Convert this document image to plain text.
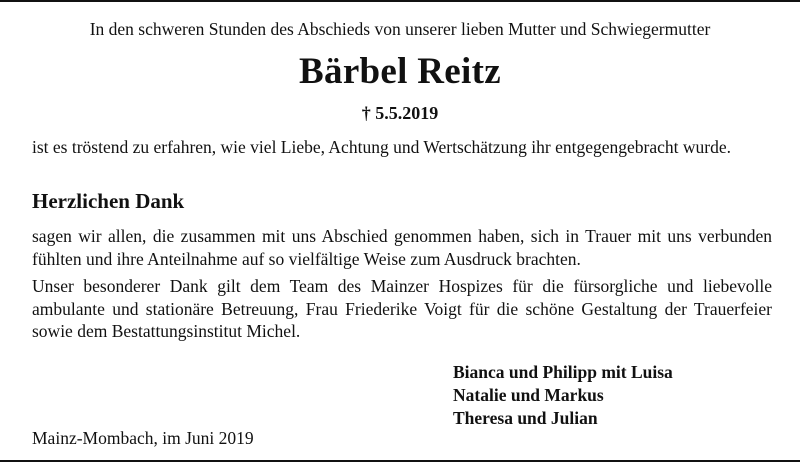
In den schweren Stunden des Abschieds von unserer lieben Mutter und Schwiegermutter
Bärbel Reitz
† 5.5.2019

ist es tröstend zu erfahren, wie viel Liebe, Achtung und Wertschätzung ihr entgegengebracht wurde.

Herzlichen Dank

sagen wir allen, die zusammen mit uns Abschied genommen haben, sich in Trauer mit uns verbunden fühlten und ihre Anteilnahme auf so vielfältige Weise zum Ausdruck brachten.

Unser besonderer Dank gilt dem Team des Mainzer Hospizes für die fürsorgliche und liebevolle ambulante und stationäre Betreuung, Frau Friederike Voigt für die schöne Gestaltung der Trauerfeier sowie dem Bestattungsinstitut Michel.

Bianca und Philipp mit Luisa
Natalie und Markus
Theresa und Julian
Mainz-Mombach, im Juni 2019
